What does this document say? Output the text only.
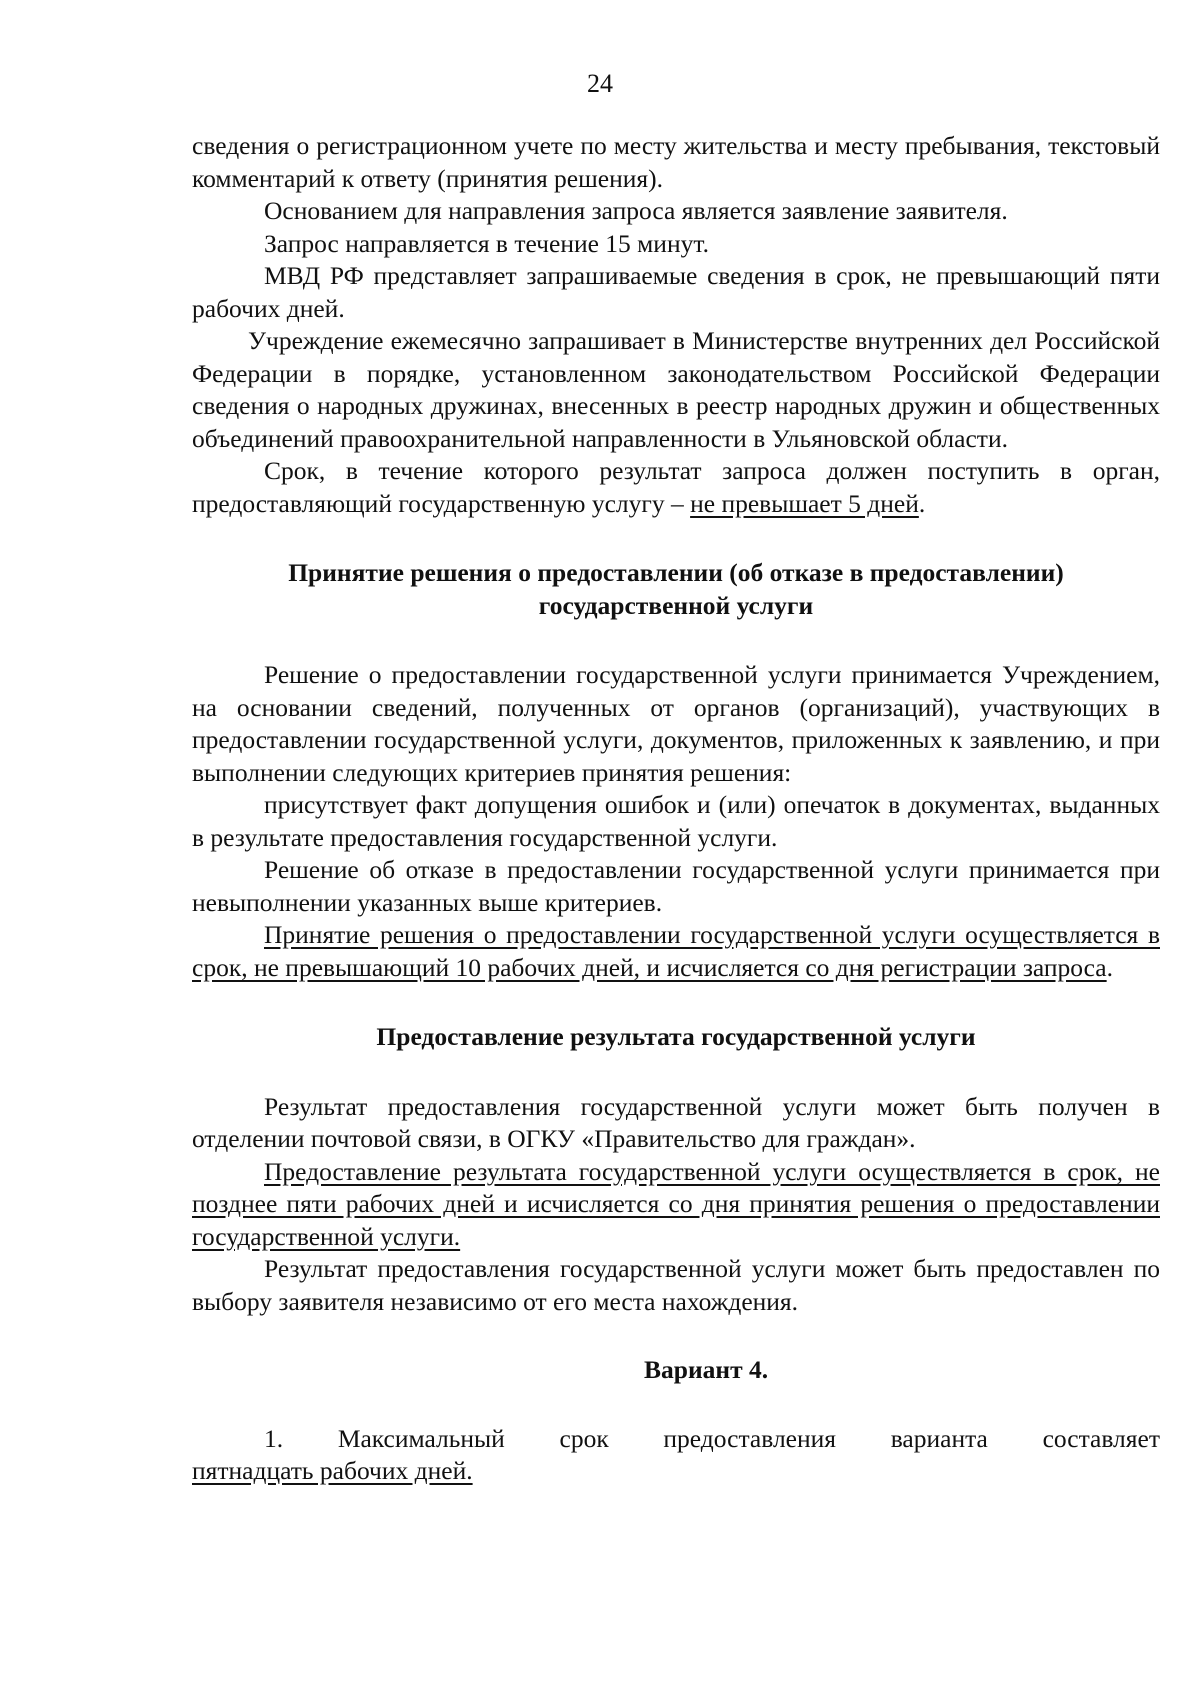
24

сведения о регистрационном учете по месту жительства и месту пребывания, текстовый комментарий к ответу (принятия решения).

Основанием для направления запроса является заявление заявителя.

Запрос направляется в течение 15 минут.

МВД РФ представляет запрашиваемые сведения в срок, не превышающий пяти рабочих дней.

Учреждение ежемесячно запрашивает в Министерстве внутренних дел Российской Федерации в порядке, установленном законодательством Российской Федерации сведения о народных дружинах, внесенных в реестр народных дружин и общественных объединений правоохранительной направленности в Ульяновской области.

Срок, в течение которого результат запроса должен поступить в орган, предоставляющий государственную услугу – не превышает 5 дней.

Принятие решения о предоставлении (об отказе в предоставлении)
государственной услуги

Решение о предоставлении государственной услуги принимается Учреждением, на основании сведений, полученных от органов (организаций), участвующих в предоставлении государственной услуги, документов, приложенных к заявлению, и при выполнении следующих критериев принятия решения:

присутствует факт допущения ошибок и (или) опечаток в документах, выданных в результате предоставления государственной услуги.

Решение об отказе в предоставлении государственной услуги принимается при невыполнении указанных выше критериев.

Принятие решения о предоставлении государственной услуги осуществляется в срок, не превышающий 10 рабочих дней, и исчисляется со дня регистрации запроса.

Предоставление результата государственной услуги

Результат предоставления государственной услуги может быть получен в отделении почтовой связи, в ОГКУ «Правительство для граждан».

Предоставление результата государственной услуги осуществляется в срок, не позднее пяти рабочих дней и исчисляется со дня принятия решения о предоставлении государственной услуги.

Результат предоставления государственной услуги может быть предоставлен по выбору заявителя независимо от его места нахождения.

Вариант 4.
1. Максимальный срок предоставления варианта составляет
пятнадцать рабочих дней.
